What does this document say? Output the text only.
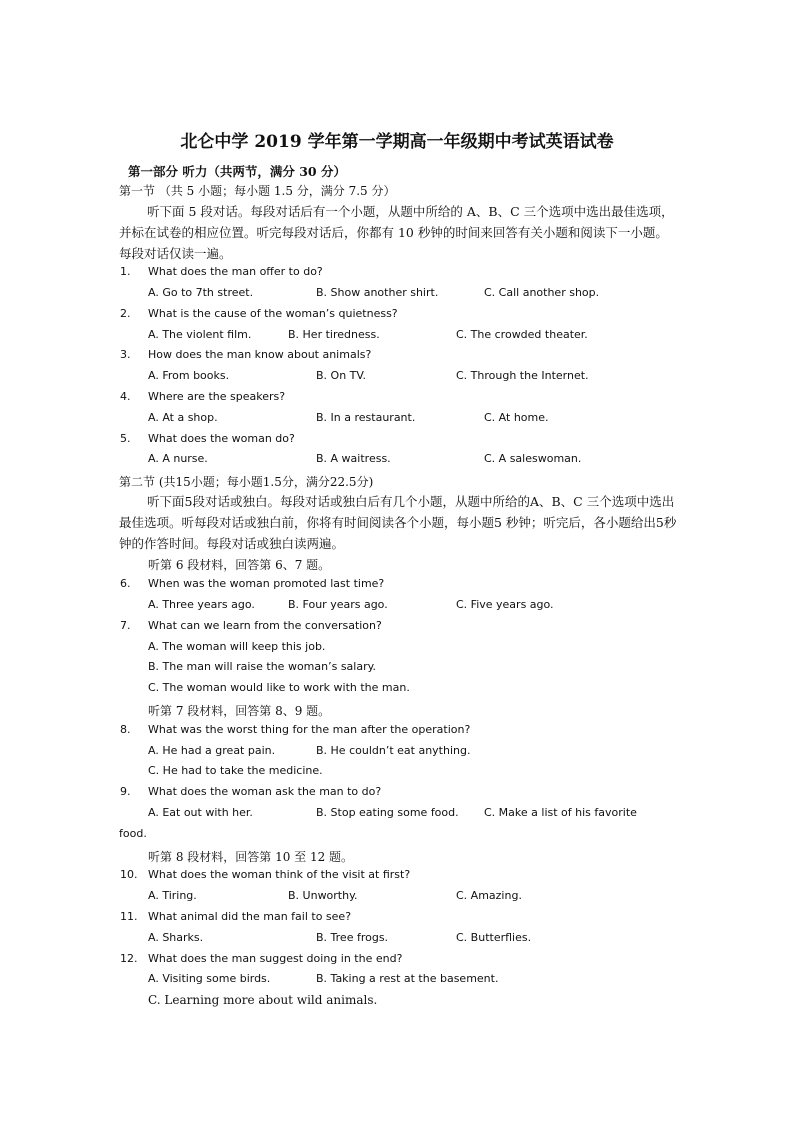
北仑中学 2019 学年第一学期高一年级期中考试英语试卷
第一部分 听力（共两节，满分 30 分）
第一节 （共 5 小题；每小题 1.5 分，满分 7.5 分）
听下面 5 段对话。每段对话后有一个小题，从题中所给的 A、B、C 三个选项中选出最佳选项，并标在试卷的相应位置。听完每段对话后，你都有 10 秒钟的时间来回答有关小题和阅读下一小题。每段对话仅读一遍。
1. What does the man offer to do?
A. Go to 7th street.	B. Show another shirt.	C. Call another shop.
2. What is the cause of the woman’s quietness?
A. The violent film.	B. Her tiredness.	C. The crowded theater.
3. How does the man know about animals?
A. From books.	B. On TV.	C. Through the Internet.
4. Where are the speakers?
A. At a shop.	B. In a restaurant.	C. At home.
5. What does the woman do?
A. A nurse.	B. A waitress.	C. A saleswoman.
第二节 (共15小题；每小题1.5分，满分22.5分)
听下面5段对话或独白。每段对话或独白后有几个小题，从题中所给的A、B、C 三个选项中选出最佳选项。听每段对话或独白前，你将有时间阅读各个小题，每小题5 秒钟；听完后，各小题给出5秒钟的作答时间。每段对话或独白读两遍。
听第 6 段材料，回答第 6、7 题。
6. When was the woman promoted last time?
A. Three years ago.	B. Four years ago.	C. Five years ago.
7. What can we learn from the conversation?
A. The woman will keep this job.
B. The man will raise the woman’s salary.
C. The woman would like to work with the man.
听第 7 段材料，回答第 8、9 题。
8. What was the worst thing for the man after the operation?
A. He had a great pain.	B. He couldn’t eat anything.
C. He had to take the medicine.
9. What does the woman ask the man to do?
A. Eat out with her.	B. Stop eating some food. C. Make a list of his favorite
food.
听第 8 段材料，回答第 10 至 12 题。
10. What does the woman think of the visit at first?
A. Tiring.	B. Unworthy.	C. Amazing.
11. What animal did the man fail to see?
A. Sharks.	B. Tree frogs.	C. Butterflies.
12. What does the man suggest doing in the end?
A. Visiting some birds.	B. Taking a rest at the basement.
C. Learning more about wild animals.
